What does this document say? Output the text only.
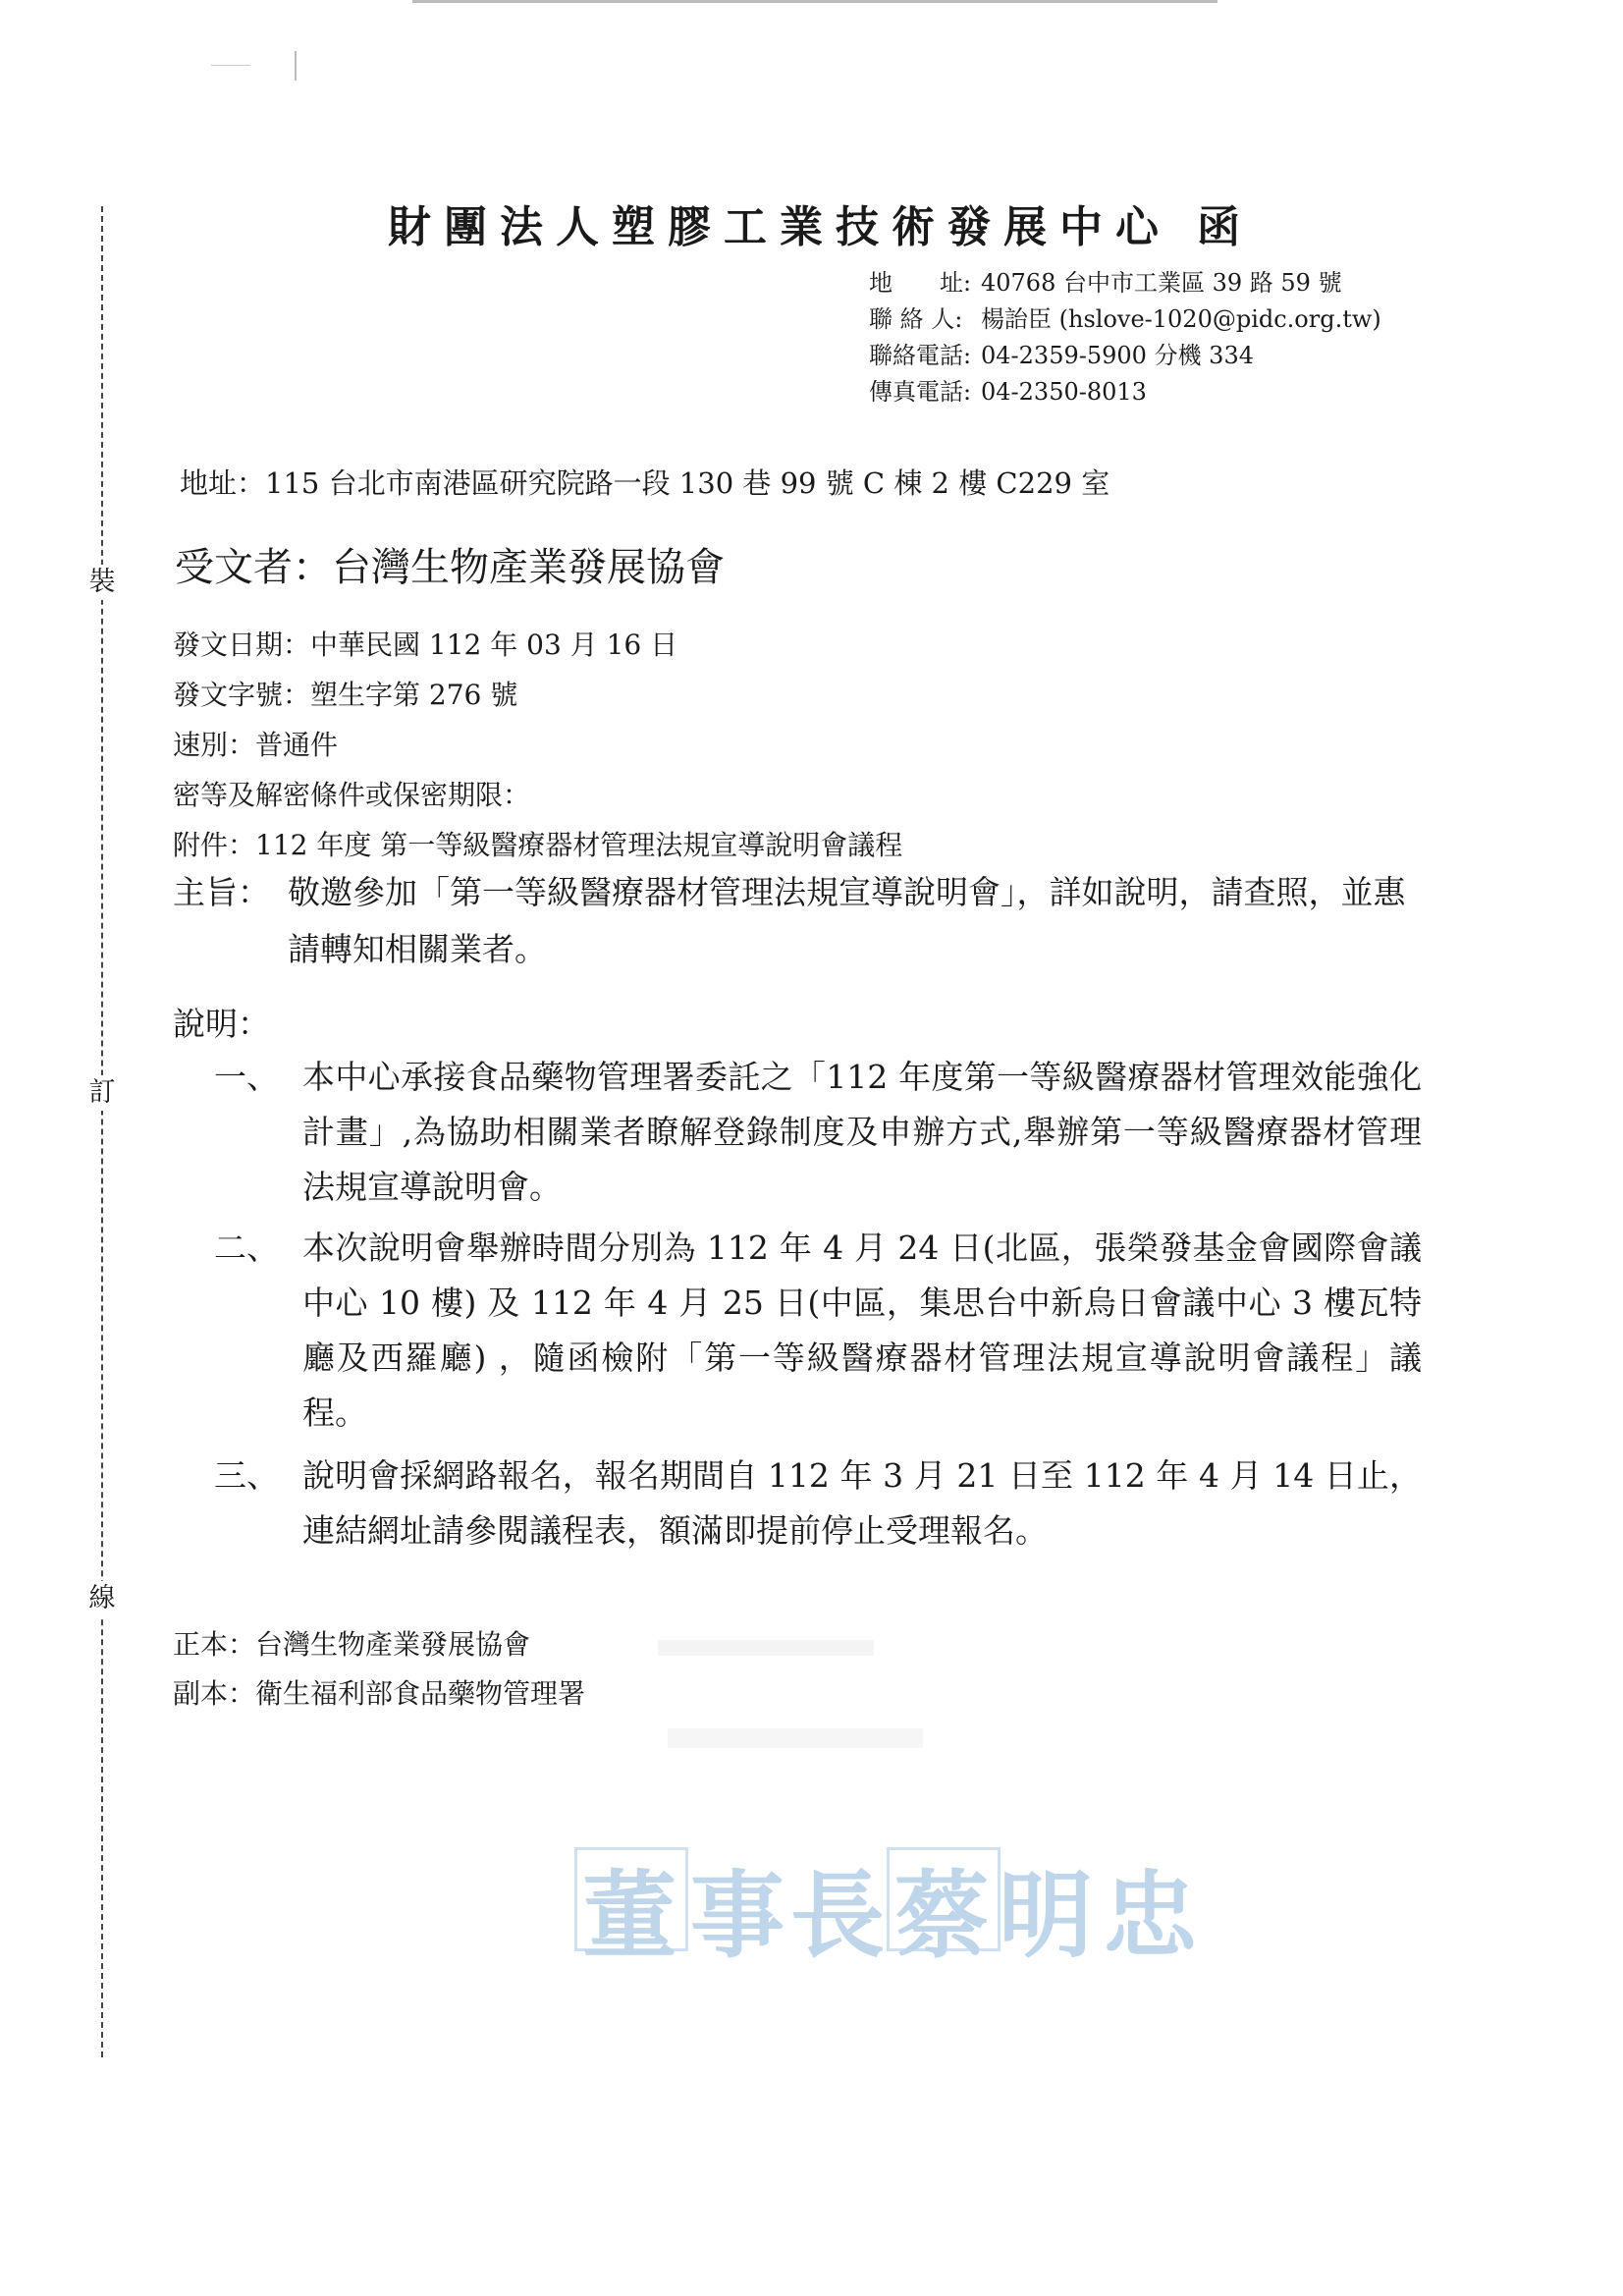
裝
訂
線
財團法人塑膠工業技術發展中心 函
地　　址: 40768 台中市工業區 39 路 59 號
聯 絡 人: 楊詒臣 (hslove-1020@pidc.org.tw)
聯絡電話: 04-2359-5900 分機 334
傳真電話: 04-2350-8013
地址：115 台北市南港區研究院路一段 130 巷 99 號 C 棟 2 樓 C229 室
受文者：台灣生物產業發展協會
發文日期：中華民國 112 年 03 月 16 日
發文字號：塑生字第 276 號
速別：普通件
密等及解密條件或保密期限：
附件：112 年度 第一等級醫療器材管理法規宣導說明會議程
主旨： 敬邀參加「第一等級醫療器材管理法規宣導說明會」，詳如說明，請查照，並惠請轉知相關業者。
說明：
一、 本中心承接食品藥物管理署委託之「112 年度第一等級醫療器材管理效能強化計畫」,為協助相關業者瞭解登錄制度及申辦方式,舉辦第一等級醫療器材管理法規宣導說明會。
二、 本次說明會舉辦時間分別為 112 年 4 月 24 日(北區，張榮發基金會國際會議中心 10 樓) 及 112 年 4 月 25 日(中區，集思台中新烏日會議中心 3 樓瓦特廳及西羅廳) ，隨函檢附「第一等級醫療器材管理法規宣導說明會議程」議程。
三、 說明會採網路報名，報名期間自 112 年 3 月 21 日至 112 年 4 月 14 日止，連結網址請參閱議程表，額滿即提前停止受理報名。
正本：台灣生物產業發展協會
副本：衛生福利部食品藥物管理署
董 事 長 蔡 明 忠
